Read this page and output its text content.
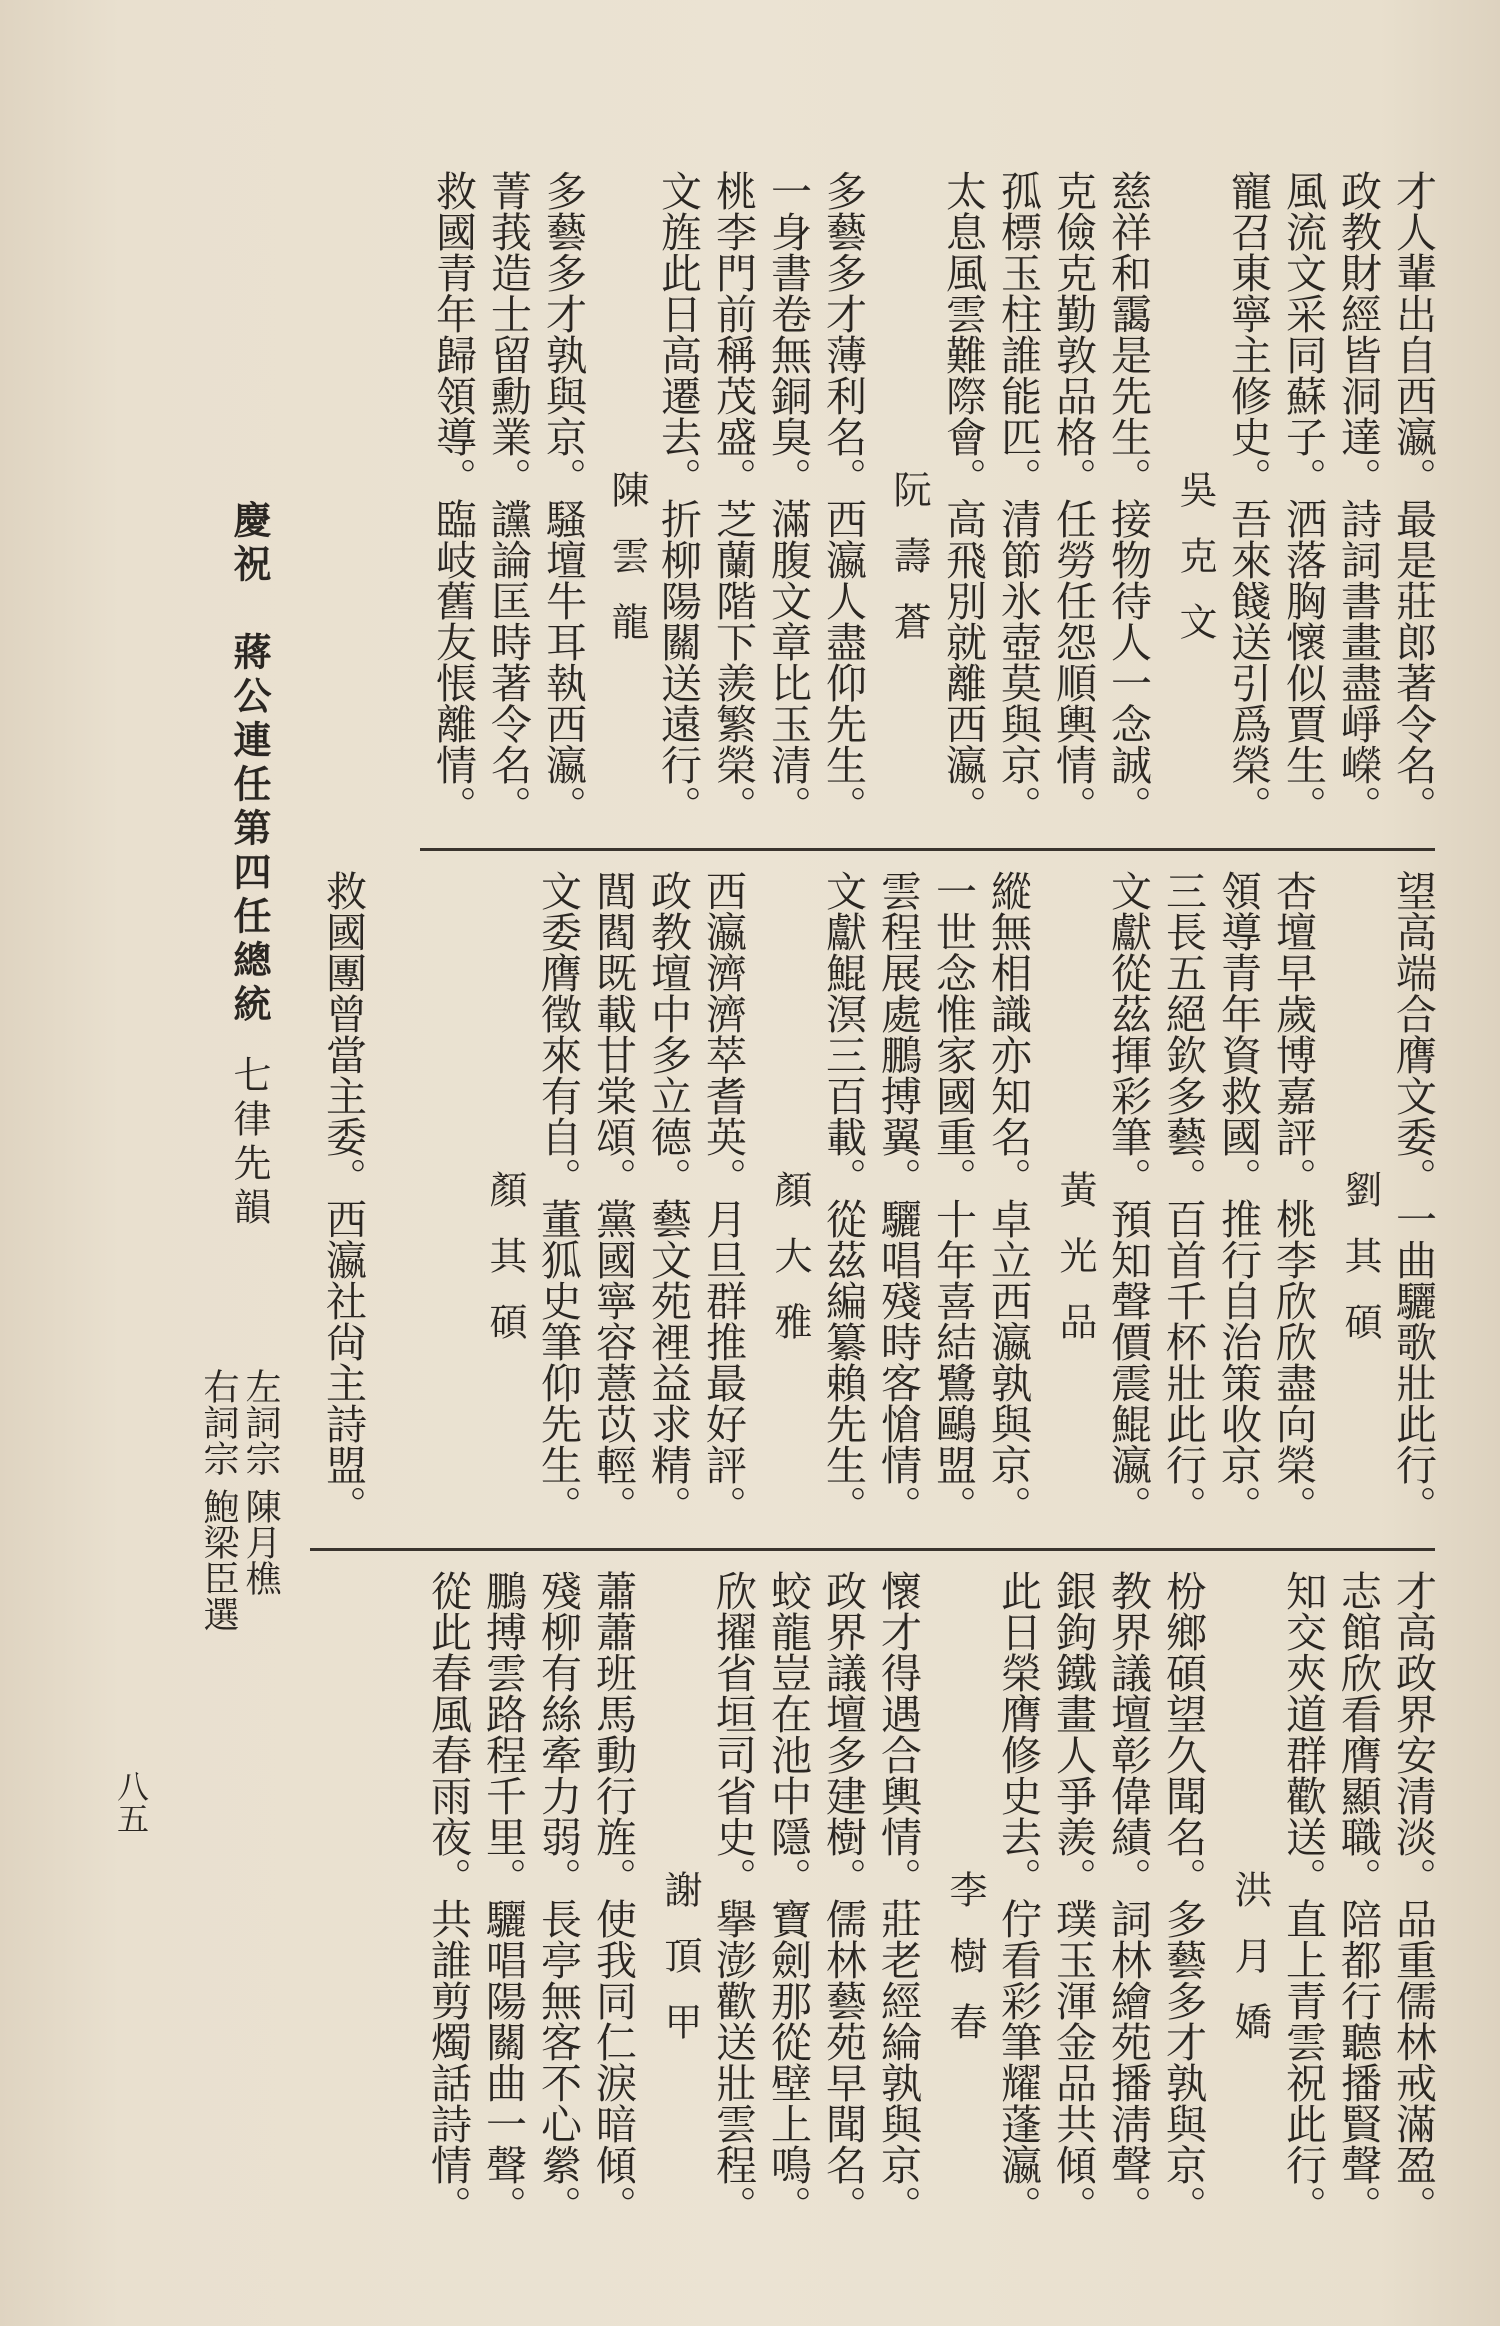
才人輩出自西瀛。最是莊郎著令名。
政教財經皆洞達。詩詞書畫盡崢嶸。
風流文采同蘇子。洒落胸懷似賈生。
寵召東寧主修史。吾來餞送引爲榮。
吳克文
慈祥和靄是先生。接物待人一念誠。
克儉克勤敦品格。任勞任怨順輿情。
孤標玉柱誰能匹。清節氷壺莫與京。
太息風雲難際會。高飛別就離西瀛。
阮壽蒼
多藝多才薄利名。西瀛人盡仰先生。
一身書卷無銅臭。滿腹文章比玉清。
桃李門前稱茂盛。芝蘭階下羨繁榮。
文旌此日高遷去。折柳陽關送遠行。
陳雲龍
多藝多才孰與京。騷壇牛耳執西瀛。
菁莪造士留勳業。讜論匡時著令名。
救國青年歸領導。臨岐舊友悵離情。
望高端合膺文委。一曲驪歌壯此行。
劉其碩
杏壇早歲博嘉評。桃李欣欣盡向榮。
領導青年資救國。推行自治策收京。
三長五絕欽多藝。百首千杯壯此行。
文獻從茲揮彩筆。預知聲價震鯤瀛。
黃光品
縱無相識亦知名。卓立西瀛孰與京。
一世念惟家國重。十年喜結鷺鷗盟。
雲程展處鵬搏翼。驪唱殘時客愴情。
文獻鯤溟三百載。從茲編纂賴先生。
顏大雅
西瀛濟濟萃耆英。月旦群推最好評。
政教壇中多立德。藝文苑裡益求精。
閭閻既載甘棠頌。黨國寧容薏苡輕。
文委膺徵來有自。董狐史筆仰先生。
顏其碩
救國團曾當主委。西瀛社尙主詩盟。
才高政界安清淡。品重儒林戒滿盈。
志館欣看膺顯職。陪都行聽播賢聲。
知交夾道群歡送。直上青雲祝此行。
洪月嬌
枌鄉碩望久聞名。多藝多才孰與京。
教界議壇彰偉績。詞林繪苑播淸聲。
銀鉤鐵畫人爭羨。璞玉渾金品共傾。
此日榮膺修史去。佇看彩筆耀蓬瀛。
李樹春
懷才得遇合輿情。莊老經綸孰與京。
政界議壇多建樹。儒林藝苑早聞名。
蛟龍豈在池中隱。寶劍那從壁上鳴。
欣擢省垣司省史。擧澎歡送壯雲程。
謝頂甲
蕭蕭班馬動行旌。使我同仁淚暗傾。
殘柳有絲牽力弱。長亭無客不心縈。
鵬搏雲路程千里。驪唱陽關曲一聲。
從此春風春雨夜。共誰剪燭話詩情。
慶祝　蔣公連任第四任總統
七律先韻
左詞宗
陳月樵
右詞宗
鮑梁臣選
八五
